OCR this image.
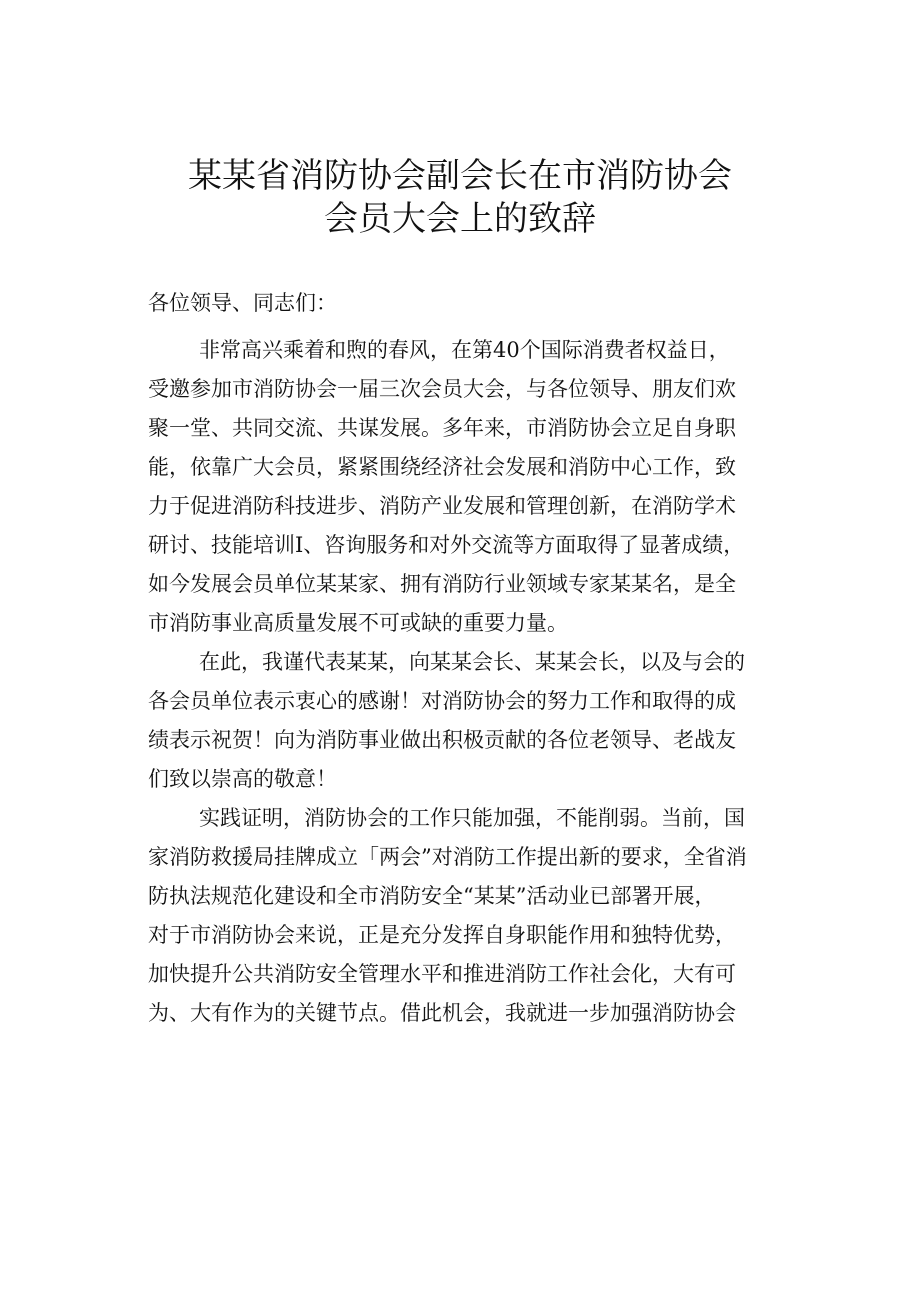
某某省消防协会副会长在市消防协会
会员大会上的致辞

各位领导、同志们：

非常高兴乘着和煦的春风，在第40个国际消费者权益日，
受邀参加市消防协会一届三次会员大会，与各位领导、朋友们欢
聚一堂、共同交流、共谋发展。多年来，市消防协会立足自身职
能，依靠广大会员，紧紧围绕经济社会发展和消防中心工作，致
力于促进消防科技进步、消防产业发展和管理创新，在消防学术
研讨、技能培训I、咨询服务和对外交流等方面取得了显著成绩，
如今发展会员单位某某家、拥有消防行业领域专家某某名，是全
市消防事业高质量发展不可或缺的重要力量。
在此，我谨代表某某，向某某会长、某某会长，以及与会的
各会员单位表示衷心的感谢！对消防协会的努力工作和取得的成
绩表示祝贺！向为消防事业做出积极贡献的各位老领导、老战友
们致以崇高的敬意！
实践证明，消防协会的工作只能加强，不能削弱。当前，国
家消防救援局挂牌成立「两会”对消防工作提出新的要求，全省消
防执法规范化建设和全市消防安全“某某”活动业已部署开展，
对于市消防协会来说，正是充分发挥自身职能作用和独特优势，
加快提升公共消防安全管理水平和推进消防工作社会化，大有可
为、大有作为的关键节点。借此机会，我就进一步加强消防协会
